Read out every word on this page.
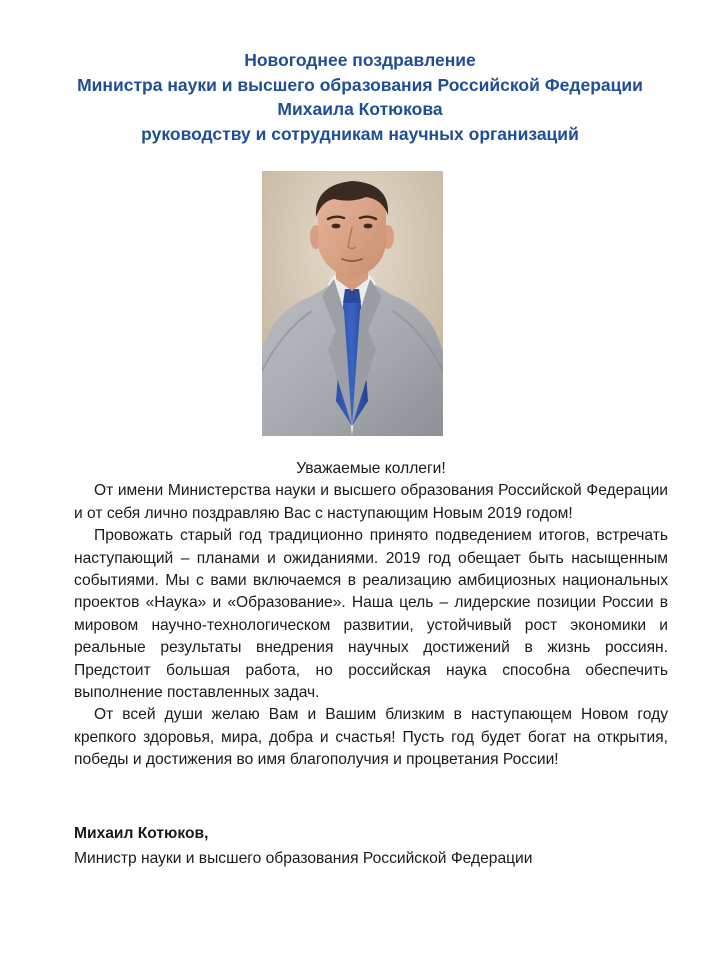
Новогоднее поздравление
Министра науки и высшего образования Российской Федерации
Михаила Котюкова
руководству и сотрудникам научных организаций

Уважаемые коллеги!

От имени Министерства науки и высшего образования Российской Федерации и от себя лично поздравляю Вас с наступающим Новым 2019 годом!

Провожать старый год традиционно принято подведением итогов, встречать наступающий – планами и ожиданиями. 2019 год обещает быть насыщенным событиями. Мы с вами включаемся в реализацию амбициозных национальных проектов «Наука» и «Образование». Наша цель – лидерские позиции России в мировом научно-технологическом развитии, устойчивый рост экономики и реальные результаты внедрения научных достижений в жизнь россиян. Предстоит большая работа, но российская наука способна обеспечить выполнение поставленных задач.

От всей души желаю Вам и Вашим близким в наступающем Новом году крепкого здоровья, мира, добра и счастья! Пусть год будет богат на открытия, победы и достижения во имя благополучия и процветания России!

Михаил Котюков,
Министр науки и высшего образования Российской Федерации
